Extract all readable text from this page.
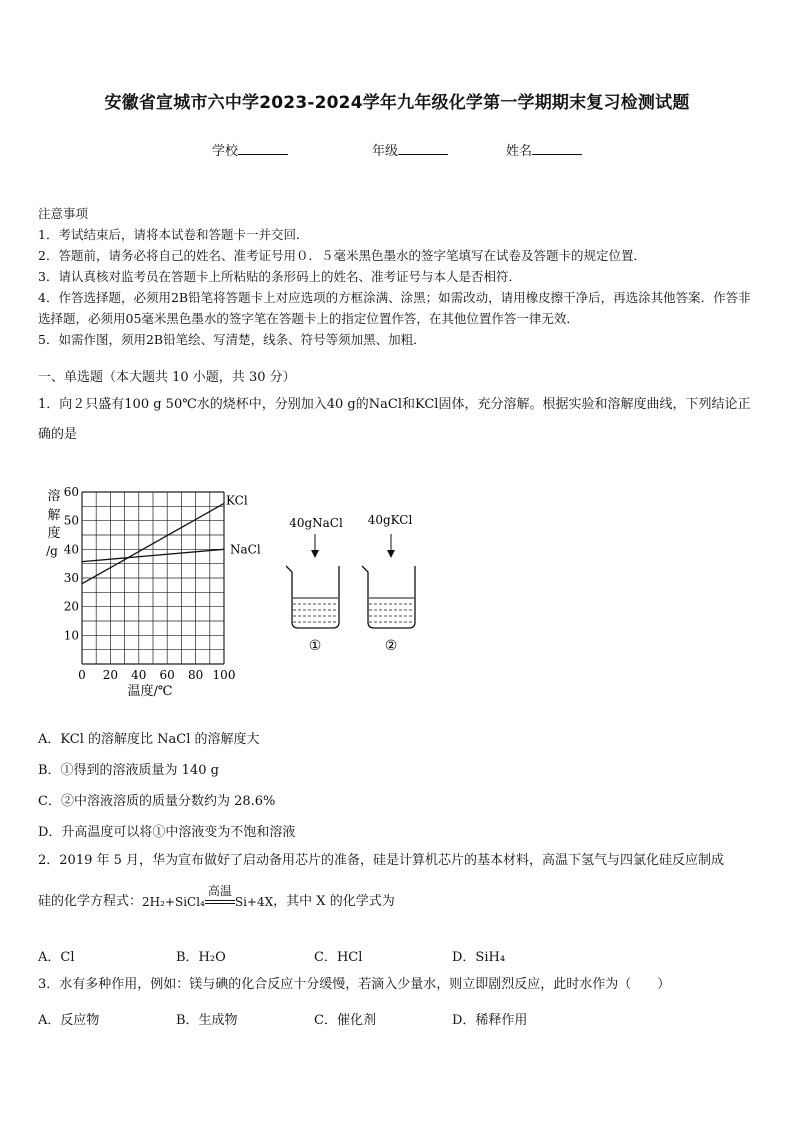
安徽省宣城市六中学2023-2024学年九年级化学第一学期期末复习检测试题
学校	年级	姓名
注意事项
1．考试结束后，请将本试卷和答题卡一并交回．
2．答题前，请务必将自己的姓名、准考证号用０．５毫米黑色墨水的签字笔填写在试卷及答题卡的规定位置．
3．请认真核对监考员在答题卡上所粘贴的条形码上的姓名、准考证号与本人是否相符．
4．作答选择题，必须用2B铅笔将答题卡上对应选项的方框涂满、涂黑；如需改动，请用橡皮擦干净后，再选涂其他答案．作答非选择题，必须用05毫米黑色墨水的签字笔在答题卡上的指定位置作答，在其他位置作答一律无效．
5．如需作图，须用2B铅笔绘、写清楚，线条、符号等须加黑、加粗．
一、单选题（本大题共 10 小题，共 30 分）
1．向２只盛有100 g 50℃水的烧杯中，分别加入40 g的NaCl和KCl固体，充分溶解。根据实验和溶解度曲线，下列结论正确的是
0 20 40 60 80 100
10
20
30
40
50
60
溶
解
度
/g
温度/℃
KCl
NaCl
40gNaCl
①
40gKCl
②
A．KCl 的溶解度比 NaCl 的溶解度大
B．①得到的溶液质量为 140 g
C．②中溶液溶质的质量分数约为 28.6%
D．升高温度可以将①中溶液变为不饱和溶液
2．2019 年 5 月，华为宣布做好了启动备用芯片的准备，硅是计算机芯片的基本材料，高温下氢气与四氯化硅反应制成
硅的化学方程式：2H₂+SiCl₄
高温
Si+4X，其中 X 的化学式为
A．Cl	B．H₂O	C．HCl	D．SiH₄
3．水有多种作用，例如：镁与碘的化合反应十分缓慢，若滴入少量水，则立即剧烈反应，此时水作为（　　）
A．反应物	B．生成物	C．催化剂	D．稀释作用
